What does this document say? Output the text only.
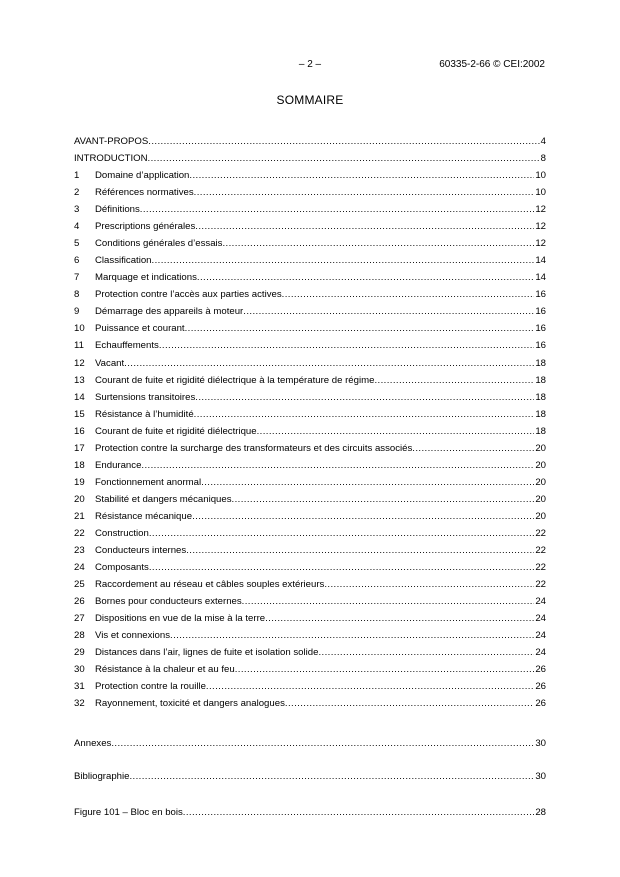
– 2 –	60335-2-66 © CEI:2002
SOMMAIRE
AVANT-PROPOS .....	4
INTRODUCTION .....	8
1	Domaine d’application .....	10
2	Références normatives .....	10
3	Définitions .....	12
4	Prescriptions générales .....	12
5	Conditions générales d’essais .....	12
6	Classification .....	14
7	Marquage et indications .....	14
8	Protection contre l’accès aux parties actives .....	16
9	Démarrage des appareils à moteur .....	16
10	Puissance et courant .....	16
11	Echauffements .....	16
12	Vacant .....	18
13	Courant de fuite et rigidité diélectrique à la température de régime .....	18
14	Surtensions transitoires .....	18
15	Résistance à l’humidité .....	18
16	Courant de fuite et rigidité diélectrique .....	18
17	Protection contre la surcharge des transformateurs et des circuits associés .....	20
18	Endurance .....	20
19	Fonctionnement anormal .....	20
20	Stabilité et dangers mécaniques .....	20
21	Résistance mécanique .....	20
22	Construction .....	22
23	Conducteurs internes .....	22
24	Composants .....	22
25	Raccordement au réseau et câbles souples extérieurs .....	22
26	Bornes pour conducteurs externes .....	24
27	Dispositions en vue de la mise à la terre .....	24
28	Vis et connexions .....	24
29	Distances dans l’air, lignes de fuite et isolation solide .....	24
30	Résistance à la chaleur et au feu .....	26
31	Protection contre la rouille .....	26
32	Rayonnement, toxicité et dangers analogues .....	26
Annexes .....	30
Bibliographie .....	30
Figure 101 – Bloc en bois .....	28
